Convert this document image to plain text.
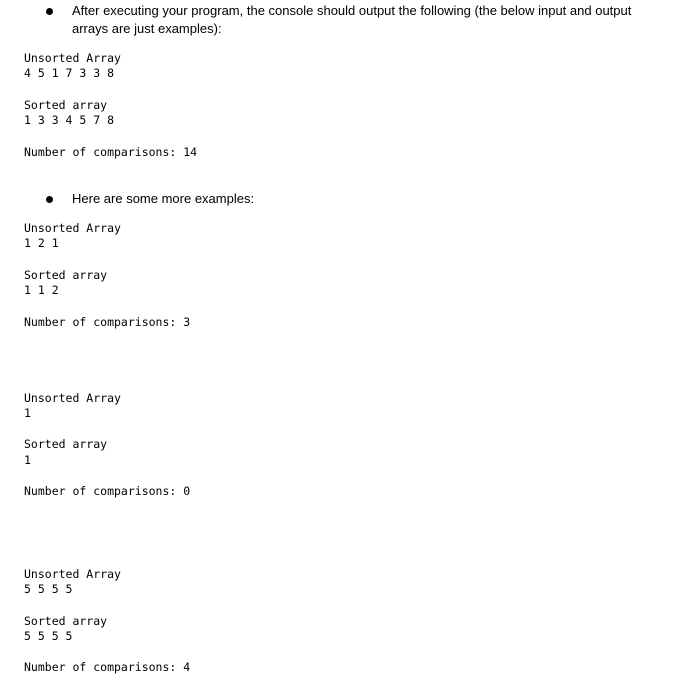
After executing your program, the console should output the following (the below input and output arrays are just examples):
Unsorted Array
4 5 1 7 3 3 8
Sorted array
1 3 3 4 5 7 8
Number of comparisons: 14
Here are some more examples:
Unsorted Array
1 2 1
Sorted array
1 1 2
Number of comparisons: 3
Unsorted Array
1
Sorted array
1
Number of comparisons: 0
Unsorted Array
5 5 5 5
Sorted array
5 5 5 5
Number of comparisons: 4
